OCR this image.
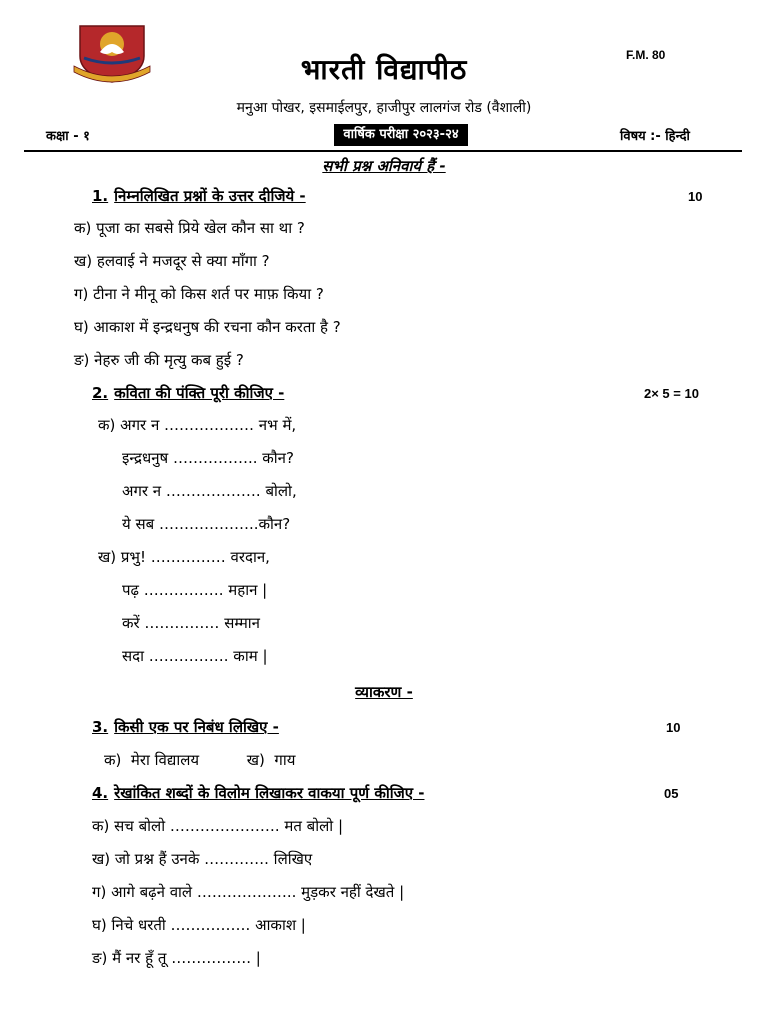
भारती विद्यापीठ	F.M. 80
मनुआ पोखर, इसमाईलपुर, हाजीपुर लालगंज रोड (वैशाली)
कक्षा - १	वार्षिक परीक्षा २०२३-२४	विषय :- हिन्दी
सभी प्रश्न अनिवार्य हैं -
1. निम्नलिखित प्रश्नों के उत्तर दीजिये -	10
क) पूजा का सबसे प्रिये खेल कौन सा था ?
ख) हलवाई ने मजदूर से क्या माँगा ?
ग) टीना ने मीनू को किस शर्त पर माफ़ किया ?
घ) आकाश में इन्द्रधनुष की रचना कौन करता है ?
ङ) नेहरु जी की मृत्यु कब हुई ?
2. कविता की पंक्ति पूरी कीजिए -	2× 5 = 10
क) अगर न ……………… नभ में,
इन्द्रधनुष …………….. कौन?
अगर न ………………. बोलो,
ये सब ………………..कौन?
ख) प्रभु! …………… वरदान,
पढ़ ……………. महान |
करें …………… सम्मान
सदा ……………. काम |
व्याकरण -
3. किसी एक पर निबंध लिखिए -	10
क)  मेरा विद्यालय          ख)  गाय
4. रेखांकित शब्दों के विलोम लिखाकर वाकया पूर्ण कीजिए -	05
क) सच बोलो …………………. मत बोलो |
ख) जो प्रश्न हैं उनके …………. लिखिए
ग) आगे बढ़ने वाले ……………….. मुड़कर नहीं देखते |
घ) निचे धरती ……………. आकाश |
ङ) मैं नर हूँ तू ……………. |
